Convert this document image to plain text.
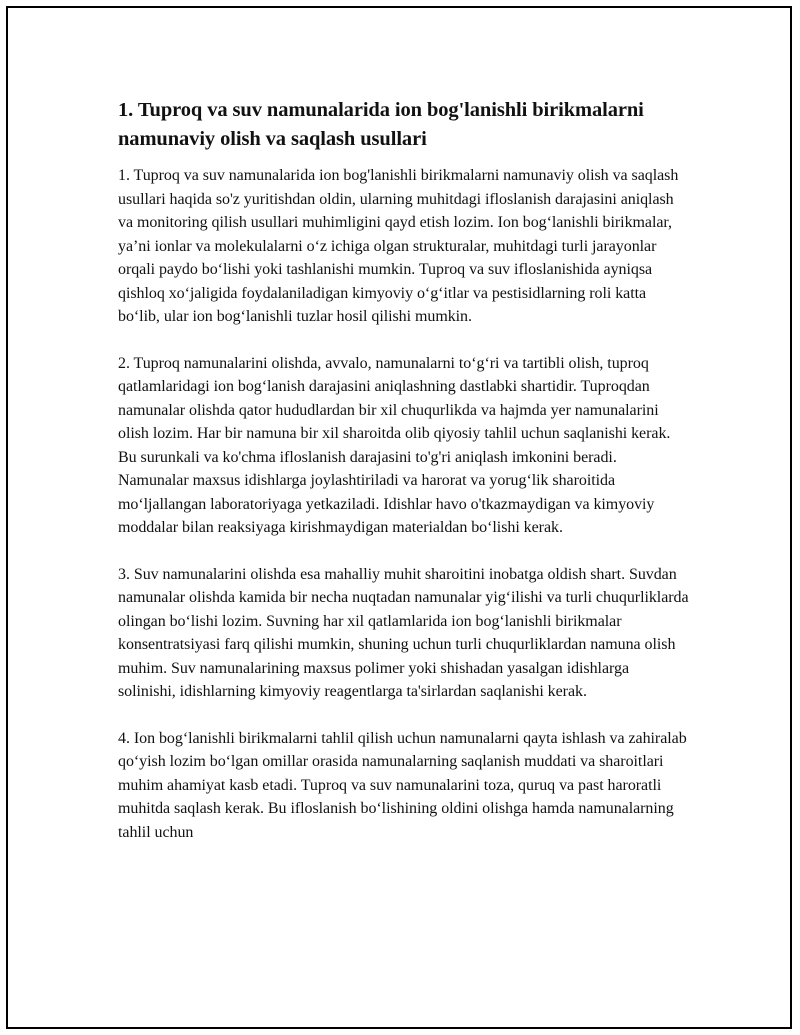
1. Tuproq va suv namunalarida ion bog'lanishli birikmalarni namunaviy olish va saqlash usullari

1. Tuproq va suv namunalarida ion bog'lanishli birikmalarni namunaviy olish va saqlash usullari haqida so'z yuritishdan oldin, ularning muhitdagi ifloslanish darajasini aniqlash va monitoring qilish usullari muhimligini qayd etish lozim. Ion bog‘lanishli birikmalar, ya’ni ionlar va molekulalarni o‘z ichiga olgan strukturalar, muhitdagi turli jarayonlar orqali paydo bo‘lishi yoki tashlanishi mumkin. Tuproq va suv ifloslanishida ayniqsa qishloq xo‘jaligida foydalaniladigan kimyoviy o‘g‘itlar va pestisidlarning roli katta bo‘lib, ular ion bog‘lanishli tuzlar hosil qilishi mumkin.

2. Tuproq namunalarini olishda, avvalo, namunalarni to‘g‘ri va tartibli olish, tuproq qatlamlaridagi ion bog‘lanish darajasini aniqlashning dastlabki shartidir. Tuproqdan namunalar olishda qator hududlardan bir xil chuqurlikda va hajmda yer namunalarini olish lozim. Har bir namuna bir xil sharoitda olib qiyosiy tahlil uchun saqlanishi kerak. Bu surunkali va ko'chma ifloslanish darajasini to'g'ri aniqlash imkonini beradi. Namunalar maxsus idishlarga joylashtiriladi va harorat va yorug‘lik sharoitida mo‘ljallangan laboratoriyaga yetkaziladi. Idishlar havo o'tkazmaydigan va kimyoviy moddalar bilan reaksiyaga kirishmaydigan materialdan bo‘lishi kerak.

3. Suv namunalarini olishda esa mahalliy muhit sharoitini inobatga oldish shart. Suvdan namunalar olishda kamida bir necha nuqtadan namunalar yig‘ilishi va turli chuqurliklarda olingan bo‘lishi lozim. Suvning har xil qatlamlarida ion bog‘lanishli birikmalar konsentratsiyasi farq qilishi mumkin, shuning uchun turli chuqurliklardan namuna olish muhim. Suv namunalarining maxsus polimer yoki shishadan yasalgan idishlarga solinishi, idishlarning kimyoviy reagentlarga ta'sirlardan saqlanishi kerak.

4. Ion bog‘lanishli birikmalarni tahlil qilish uchun namunalarni qayta ishlash va zahiralab qo‘yish lozim bo‘lgan omillar orasida namunalarning saqlanish muddati va sharoitlari muhim ahamiyat kasb etadi. Tuproq va suv namunalarini toza, quruq va past haroratli muhitda saqlash kerak. Bu ifloslanish bo‘lishining oldini olishga hamda namunalarning tahlil uchun
